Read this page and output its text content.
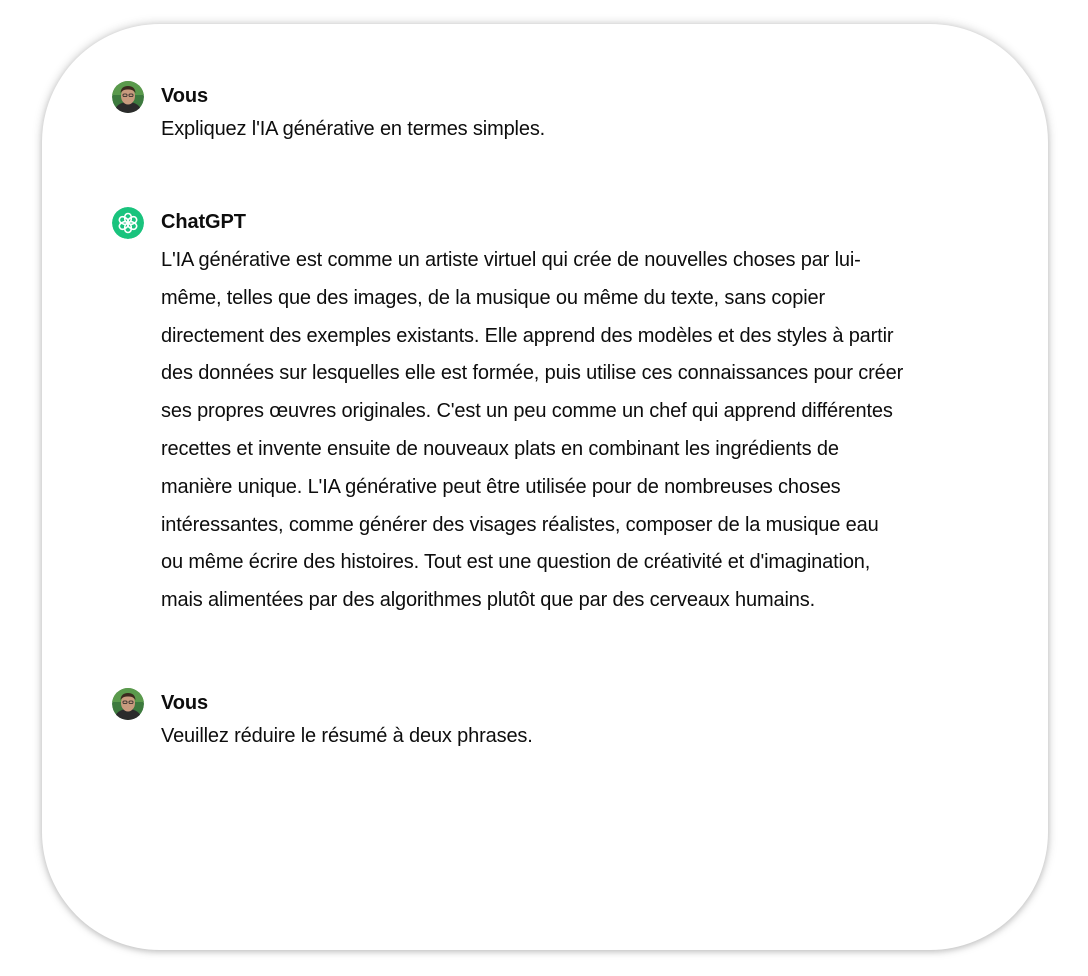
Vous
Expliquez l'IA générative en termes simples.
ChatGPT
L'IA générative est comme un artiste virtuel qui crée de nouvelles choses par lui-
même, telles que des images, de la musique ou même du texte, sans copier
directement des exemples existants. Elle apprend des modèles et des styles à partir
des données sur lesquelles elle est formée, puis utilise ces connaissances pour créer
ses propres œuvres originales. C'est un peu comme un chef qui apprend différentes
recettes et invente ensuite de nouveaux plats en combinant les ingrédients de
manière unique. L'IA générative peut être utilisée pour de nombreuses choses
intéressantes, comme générer des visages réalistes, composer de la musique eau
ou même écrire des histoires. Tout est une question de créativité et d'imagination,
mais alimentées par des algorithmes plutôt que par des cerveaux humains.
Vous
Veuillez réduire le résumé à deux phrases.
